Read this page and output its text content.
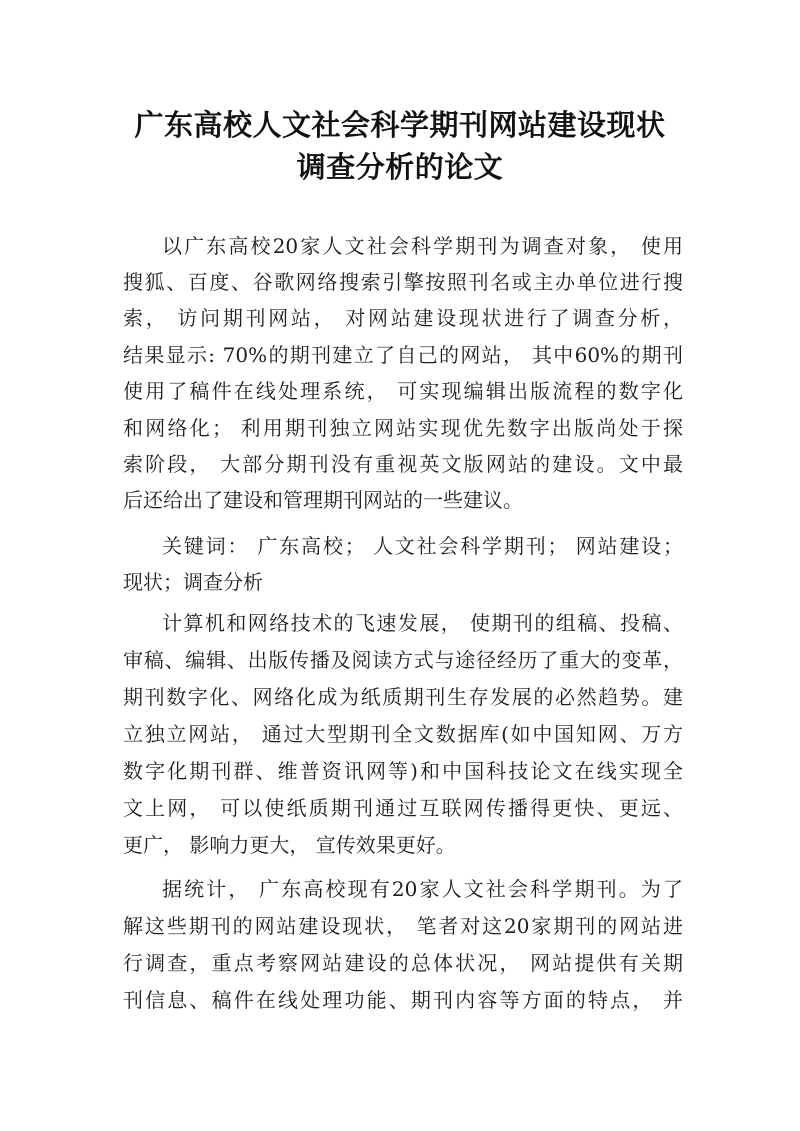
广东高校人文社会科学期刊网站建设现状
调查分析的论文
以广东高校20家人文社会科学期刊为调查对象， 使用
搜狐、百度、谷歌网络搜索引擎按照刊名或主办单位进行搜
索， 访问期刊网站， 对网站建设现状进行了调查分析，
结果显示: 70%的期刊建立了自己的网站， 其中60%的期刊
使用了稿件在线处理系统， 可实现编辑出版流程的数字化
和网络化； 利用期刊独立网站实现优先数字出版尚处于探
索阶段， 大部分期刊没有重视英文版网站的建设。文中最
后还给出了建设和管理期刊网站的一些建议。
关键词： 广东高校； 人文社会科学期刊； 网站建设；
现状；调查分析
计算机和网络技术的飞速发展， 使期刊的组稿、投稿、
审稿、编辑、出版传播及阅读方式与途径经历了重大的变革，
期刊数字化、网络化成为纸质期刊生存发展的必然趋势。建
立独立网站， 通过大型期刊全文数据库(如中国知网、万方
数字化期刊群、维普资讯网等)和中国科技论文在线实现全
文上网， 可以使纸质期刊通过互联网传播得更快、更远、
更广， 影响力更大， 宣传效果更好。
据统计， 广东高校现有20家人文社会科学期刊。为了
解这些期刊的网站建设现状， 笔者对这20家期刊的网站进
行调查，重点考察网站建设的总体状况， 网站提供有关期
刊信息、稿件在线处理功能、期刊内容等方面的特点， 并
